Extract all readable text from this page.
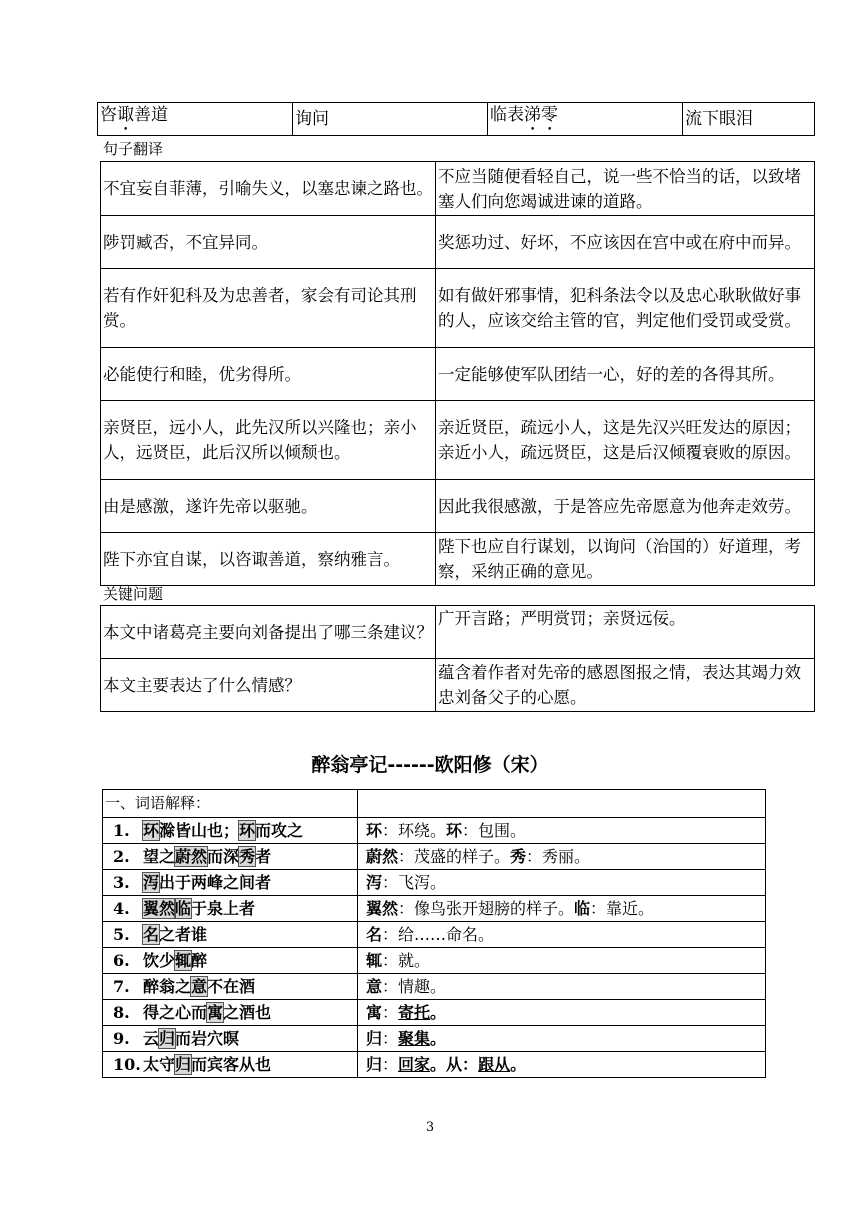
咨诹善道	询问	临表涕零	流下眼泪
句子翻译
不宜妄自菲薄，引喻失义，以塞忠谏之路也。	不应当随便看轻自己，说一些不恰当的话，以致堵塞人们向您竭诚进谏的道路。
陟罚臧否，不宜异同。	奖惩功过、好坏，不应该因在宫中或在府中而异。
若有作奸犯科及为忠善者，家会有司论其刑赏。	如有做奸邪事情，犯科条法令以及忠心耿耿做好事的人，应该交给主管的官，判定他们受罚或受赏。
必能使行和睦，优劣得所。	一定能够使军队团结一心，好的差的各得其所。
亲贤臣，远小人，此先汉所以兴隆也；亲小人，远贤臣，此后汉所以倾颓也。	亲近贤臣，疏远小人，这是先汉兴旺发达的原因；亲近小人，疏远贤臣，这是后汉倾覆衰败的原因。
由是感激，遂许先帝以驱驰。	因此我很感激，于是答应先帝愿意为他奔走效劳。
陛下亦宜自谋，以咨诹善道，察纳雅言。	陛下也应自行谋划，以询问（治国的）好道理，考察，采纳正确的意见。
关键问题
本文中诸葛亮主要向刘备提出了哪三条建议？	广开言路；严明赏罚；亲贤远佞。
本文主要表达了什么情感？	蕴含着作者对先帝的感恩图报之情，表达其竭力效忠刘备父子的心愿。
醉翁亭记------欧阳修（宋）
一、词语解释：	
1.环滁皆山也；环而攻之	环：环绕。环：包围。
2.望之蔚然而深秀者	蔚然：茂盛的样子。秀：秀丽。
3.泻出于两峰之间者	泻：飞泻。
4.翼然临于泉上者	翼然：像鸟张开翅膀的样子。临：靠近。
5.名之者谁	名：给……命名。
6.饮少辄醉	辄：就。
7.醉翁之意不在酒	意：情趣。
8.得之心而寓之酒也	寓：寄托。
9.云归而岩穴暝	归：聚集。
10.太守归而宾客从也	归：回家。从：跟从。
3
